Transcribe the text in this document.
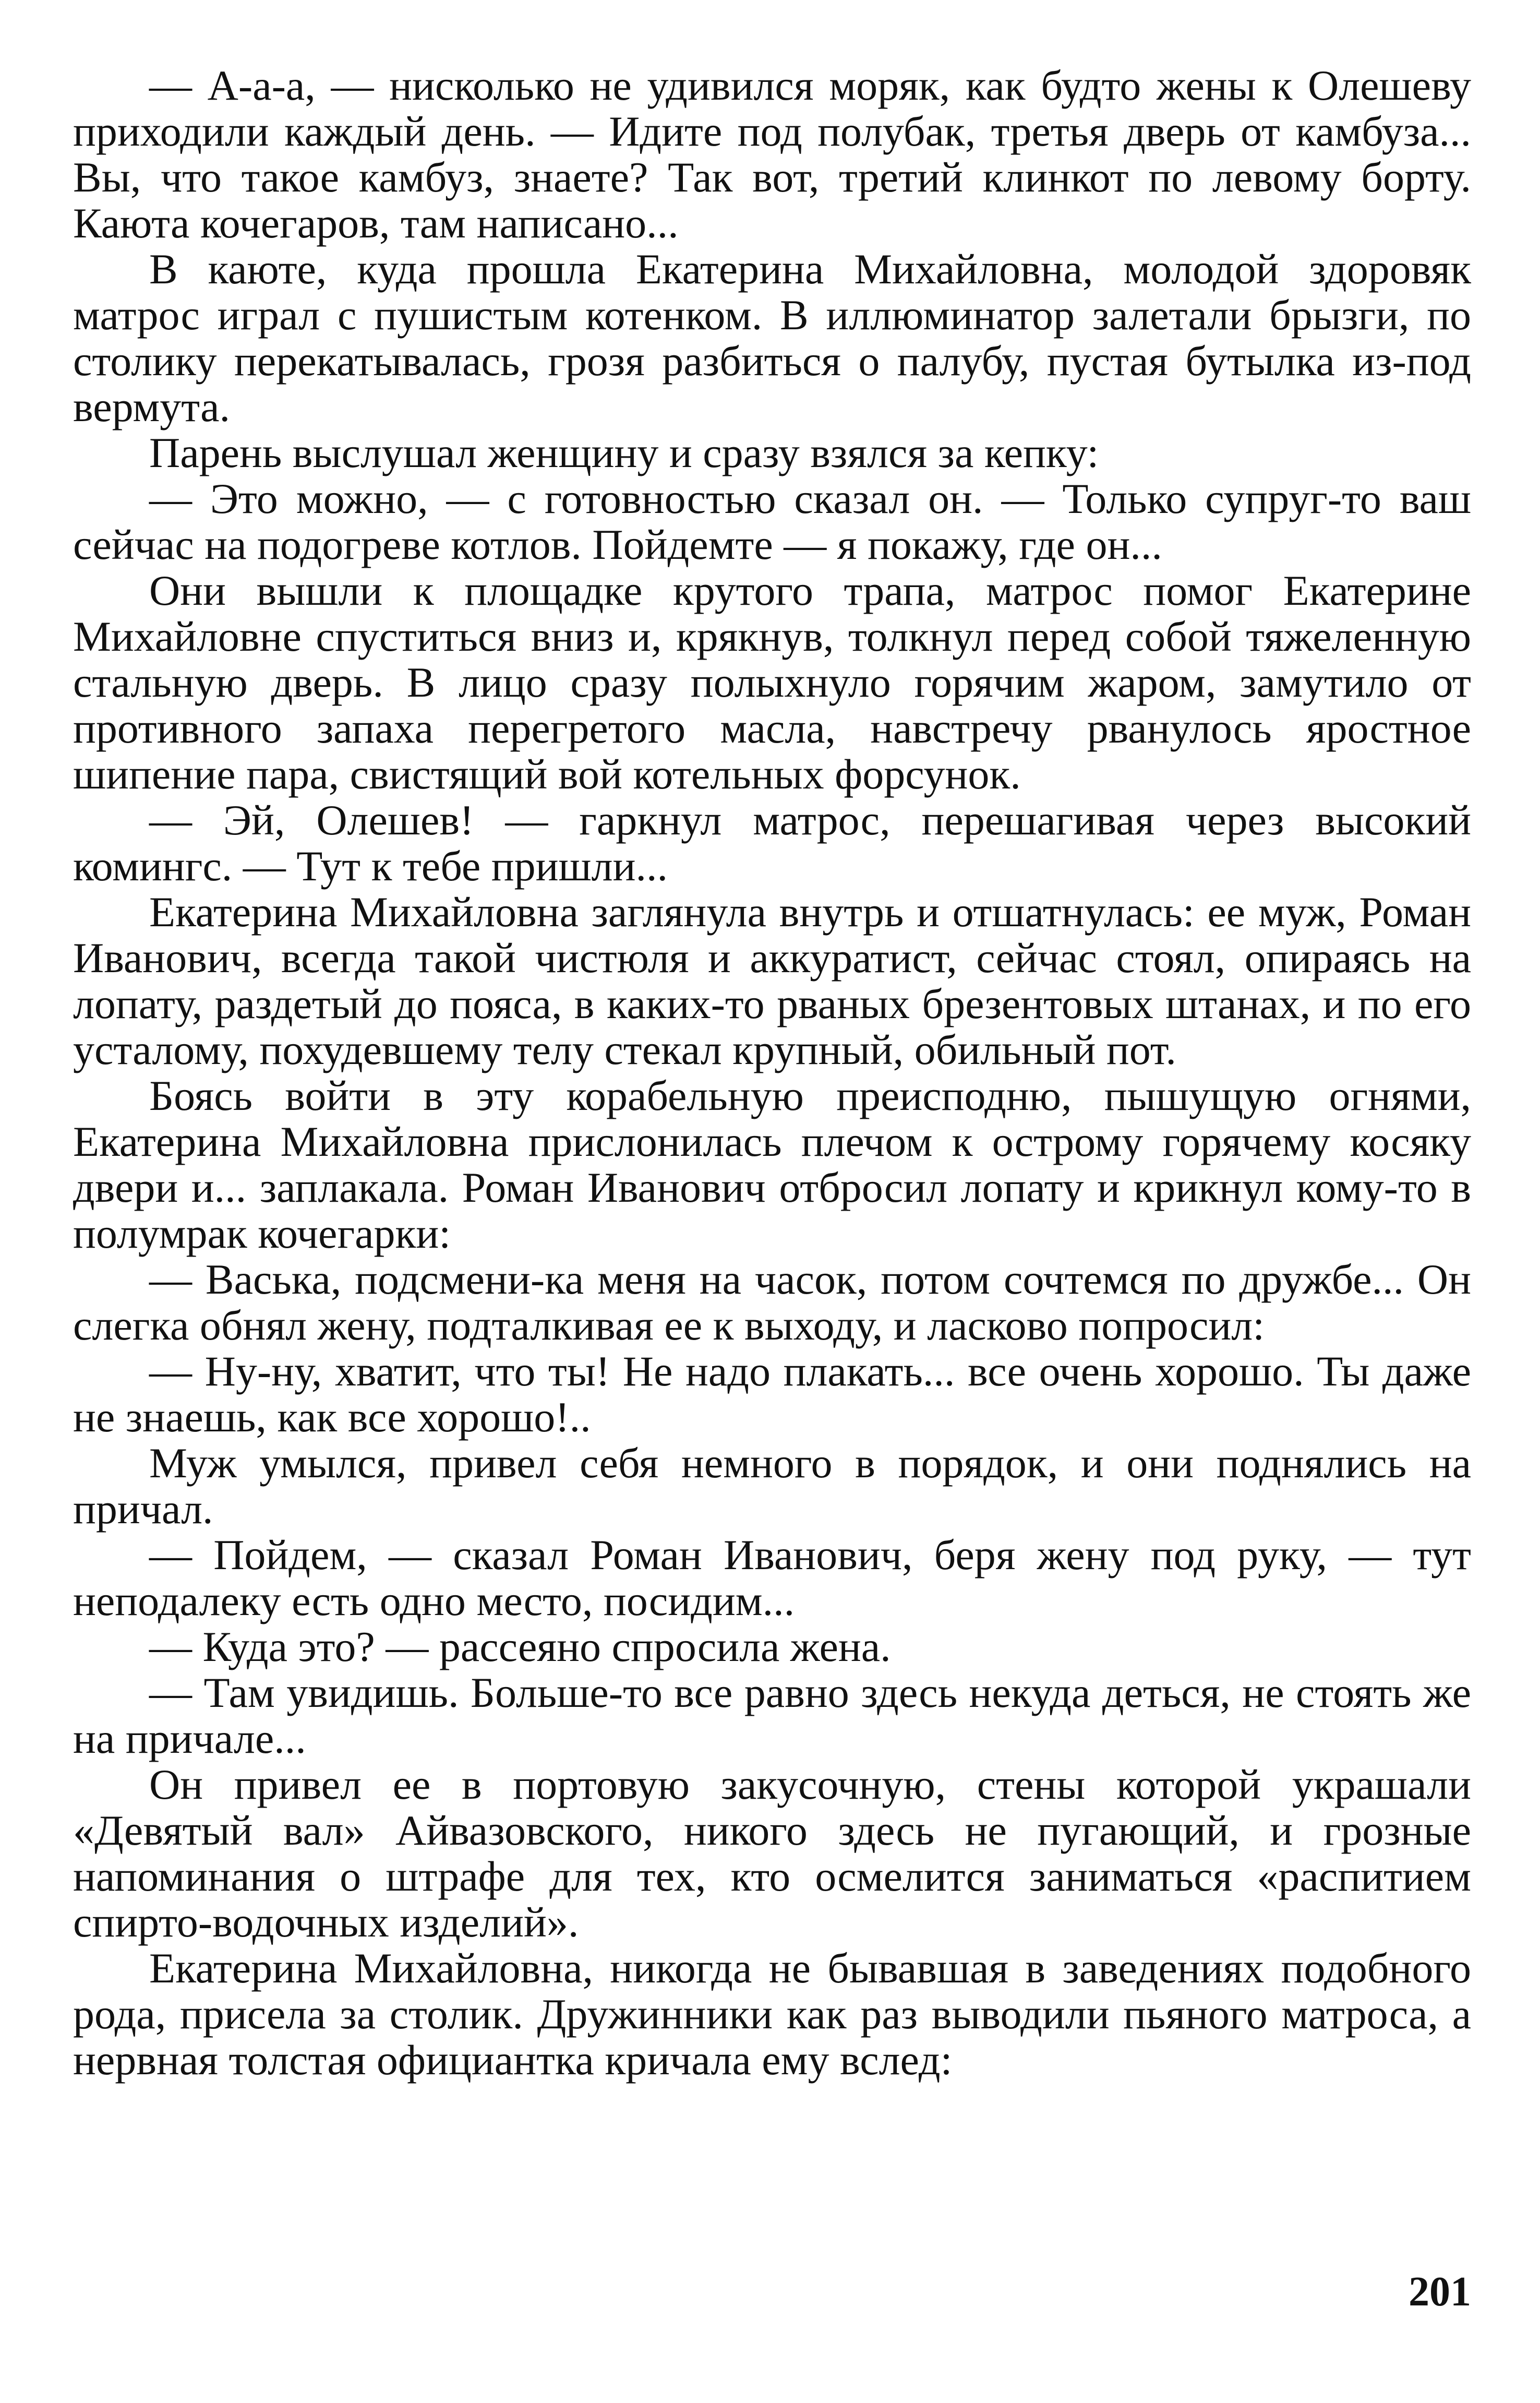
— А-а-а, — нисколько не удивился моряк, как будто жены к Олешеву приходили каждый день. — Идите под полубак, третья дверь от камбуза... Вы, что такое камбуз, знаете? Так вот, третий клинкот по левому борту. Каюта кочегаров, там написано...

В каюте, куда прошла Екатерина Михайловна, молодой здоровяк матрос играл с пушистым котенком. В иллюминатор залетали брызги, по столику перекатывалась, грозя разбиться о палубу, пустая бутылка из-под вермута.

Парень выслушал женщину и сразу взялся за кепку:

— Это можно, — с готовностью сказал он. — Только супруг-то ваш сейчас на подогреве котлов. Пойдемте — я покажу, где он...

Они вышли к площадке крутого трапа, матрос помог Екатерине Михайловне спуститься вниз и, крякнув, толкнул перед собой тяжеленную стальную дверь. В лицо сразу полыхнуло горячим жаром, замутило от противного запаха перегретого масла, навстречу рванулось яростное шипение пара, свистящий вой котельных форсунок.

— Эй, Олешев! — гаркнул матрос, перешагивая через высокий комингс. — Тут к тебе пришли...

Екатерина Михайловна заглянула внутрь и отшатнулась: ее муж, Роман Иванович, всегда такой чистюля и аккуратист, сейчас стоял, опираясь на лопату, раздетый до пояса, в каких-то рваных брезентовых штанах, и по его усталому, похудевшему телу стекал крупный, обильный пот.

Боясь войти в эту корабельную преисподню, пышущую огнями, Екатерина Михайловна прислонилась плечом к острому горячему косяку двери и... заплакала. Роман Иванович отбросил лопату и крикнул кому-то в полумрак кочегарки:

— Васька, подсмени-ка меня на часок, потом сочтемся по дружбе... Он слегка обнял жену, подталкивая ее к выходу, и ласково попросил:

— Ну-ну, хватит, что ты! Не надо плакать... все очень хорошо. Ты даже не знаешь, как все хорошо!..

Муж умылся, привел себя немного в порядок, и они поднялись на причал.

— Пойдем, — сказал Роман Иванович, беря жену под руку, — тут неподалеку есть одно место, посидим...

— Куда это? — рассеяно спросила жена.

— Там увидишь. Больше-то все равно здесь некуда деться, не стоять же на причале...

Он привел ее в портовую закусочную, стены которой украшали «Девятый вал» Айвазовского, никого здесь не пугающий, и грозные напоминания о штрафе для тех, кто осмелится заниматься «распитием спирто-водочных изделий».

Екатерина Михайловна, никогда не бывавшая в заведениях подобного рода, присела за столик. Дружинники как раз выводили пьяного матроса, а нервная толстая официантка кричала ему вслед:

201
